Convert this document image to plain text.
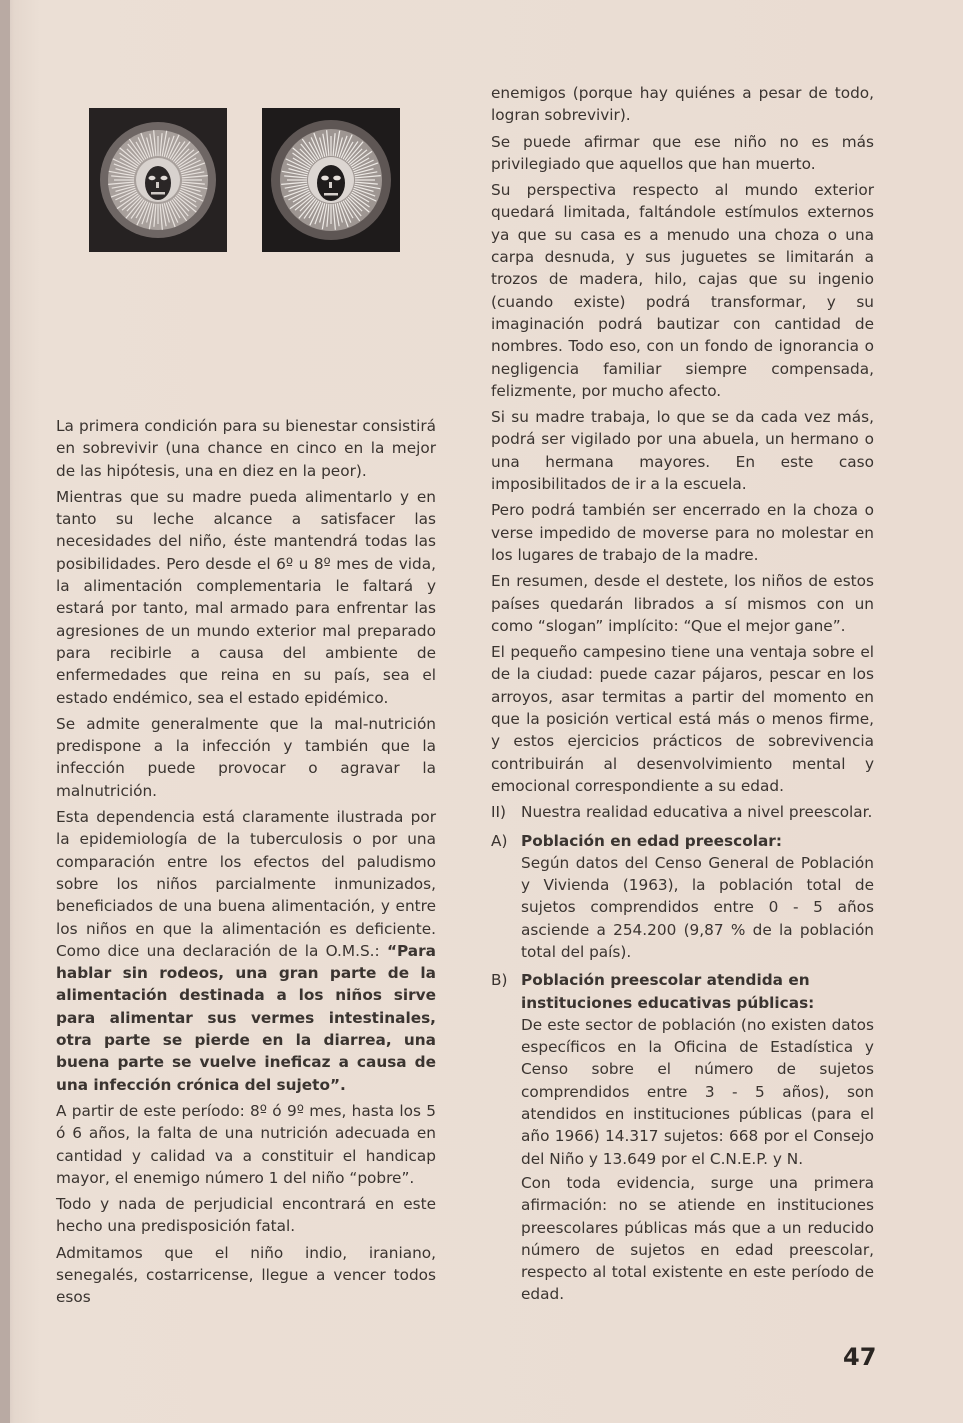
La primera condición para su bienestar consistirá en sobrevivir (una chance en cinco en la mejor de las hipótesis, una en diez en la peor).

Mientras que su madre pueda alimentarlo y en tanto su leche alcance a satisfacer las necesidades del niño, éste mantendrá todas las posibilidades. Pero desde el 6º u 8º mes de vida, la alimentación complementaria le faltará y estará por tanto, mal armado para enfrentar las agresiones de un mundo exterior mal preparado para recibirle a causa del ambiente de enfermedades que reina en su país, sea el estado endémico, sea el estado epidémico.

Se admite generalmente que la mal-nutrición predispone a la infección y también que la infección puede provocar o agravar la malnutrición.

Esta dependencia está claramente ilustrada por la epidemiología de la tuberculosis o por una comparación entre los efectos del paludismo sobre los niños parcialmente inmunizados, beneficiados de una buena alimentación, y entre los niños en que la alimentación es deficiente. Como dice una declaración de la O.M.S.: “Para hablar sin rodeos, una gran parte de la alimentación destinada a los niños sirve para alimentar sus vermes intestinales, otra parte se pierde en la diarrea, una buena parte se vuelve ineficaz a causa de una infección crónica del sujeto”.

A partir de este período: 8º ó 9º mes, hasta los 5 ó 6 años, la falta de una nutrición adecuada en cantidad y calidad va a constituir el handicap mayor, el enemigo número 1 del niño “pobre”.

Todo y nada de perjudicial encontrará en este hecho una predisposición fatal.

Admitamos que el niño indio, iraniano, senegalés, costarricense, llegue a vencer todos esos

enemigos (porque hay quiénes a pesar de todo, logran sobrevivir).

Se puede afirmar que ese niño no es más privilegiado que aquellos que han muerto.

Su perspectiva respecto al mundo exterior quedará limitada, faltándole estímulos externos ya que su casa es a menudo una choza o una carpa desnuda, y sus juguetes se limitarán a trozos de madera, hilo, cajas que su ingenio (cuando existe) podrá transformar, y su imaginación podrá bautizar con cantidad de nombres. Todo eso, con un fondo de ignorancia o negligencia familiar siempre compensada, felizmente, por mucho afecto.

Si su madre trabaja, lo que se da cada vez más, podrá ser vigilado por una abuela, un hermano o una hermana mayores. En este caso imposibilitados de ir a la escuela.

Pero podrá también ser encerrado en la choza o verse impedido de moverse para no molestar en los lugares de trabajo de la madre.

En resumen, desde el destete, los niños de estos países quedarán librados a sí mismos con un como “slogan” implícito: “Que el mejor gane”.

El pequeño campesino tiene una ventaja sobre el de la ciudad: puede cazar pájaros, pescar en los arroyos, asar termitas a partir del momento en que la posición vertical está más o menos firme, y estos ejercicios prácticos de sobrevivencia contribuirán al desenvolvimiento mental y emocional correspondiente a su edad.

II) Nuestra realidad educativa a nivel preescolar.

A) Población en edad preescolar:

Según datos del Censo General de Población y Vivienda (1963), la población total de sujetos comprendidos entre 0 - 5 años asciende a 254.200 (9,87 % de la población total del país).

B) Población preescolar atendida en instituciones educativas públicas:

De este sector de población (no existen datos específicos en la Oficina de Estadística y Censo sobre el número de sujetos comprendidos entre 3 - 5 años), son atendidos en instituciones públicas (para el año 1966) 14.317 sujetos: 668 por el Consejo del Niño y 13.649 por el C.N.E.P. y N.

Con toda evidencia, surge una primera afirmación: no se atiende en instituciones preescolares públicas más que a un reducido número de sujetos en edad preescolar, respecto al total existente en este período de edad.

47
